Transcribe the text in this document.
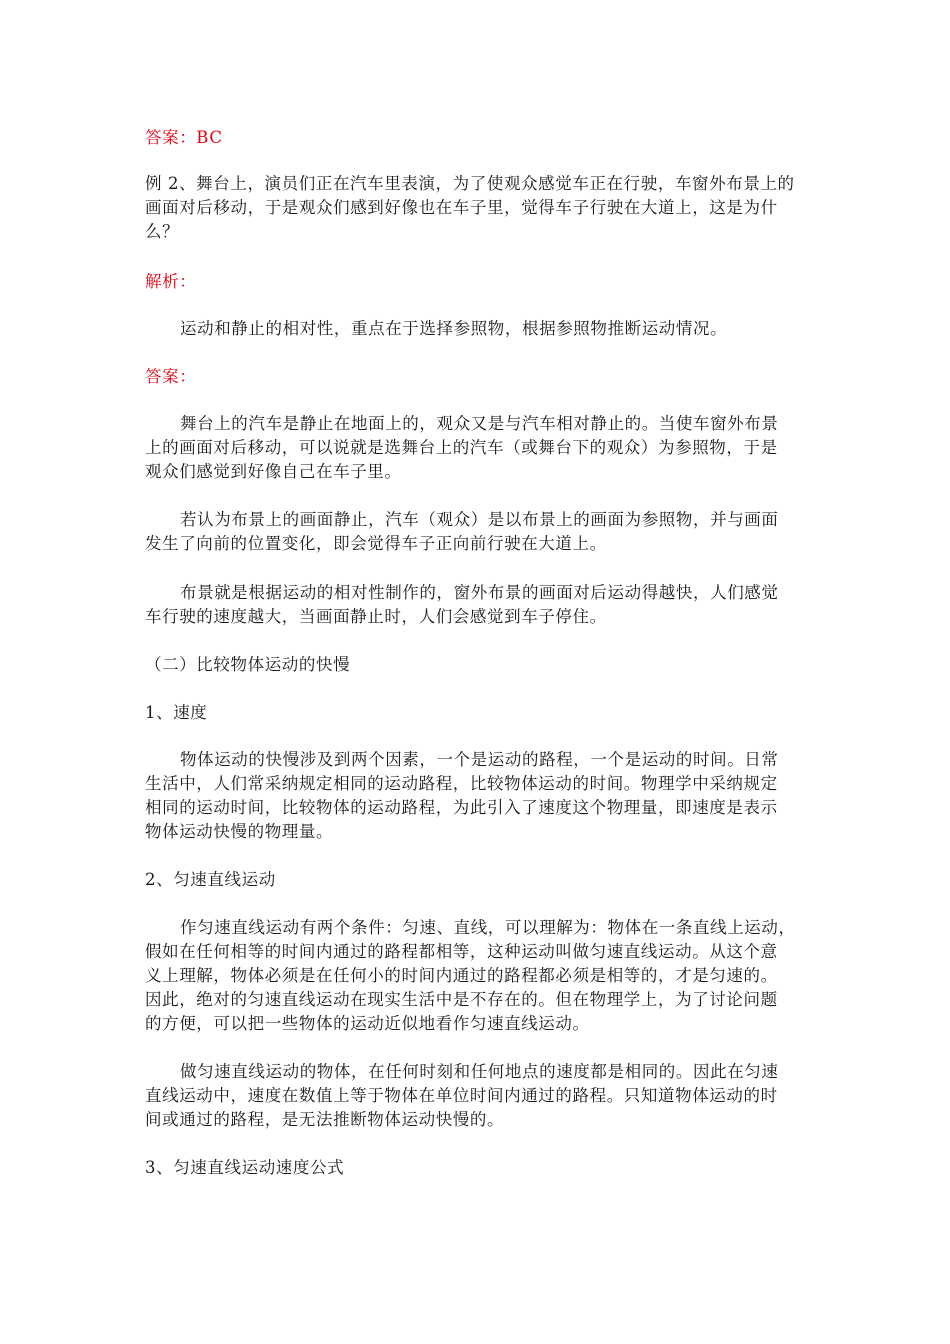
答案：BC
例 2、舞台上，演员们正在汽车里表演，为了使观众感觉车正在行驶，车窗外布景上的
画面对后移动，于是观众们感到好像也在车子里，觉得车子行驶在大道上，这是为什
么？
解析：
运动和静止的相对性，重点在于选择参照物，根据参照物推断运动情况。
答案：
舞台上的汽车是静止在地面上的，观众又是与汽车相对静止的。当使车窗外布景
上的画面对后移动，可以说就是选舞台上的汽车（或舞台下的观众）为参照物，于是
观众们感觉到好像自己在车子里。
若认为布景上的画面静止，汽车（观众）是以布景上的画面为参照物，并与画面
发生了向前的位置变化，即会觉得车子正向前行驶在大道上。
布景就是根据运动的相对性制作的，窗外布景的画面对后运动得越快，人们感觉
车行驶的速度越大，当画面静止时，人们会感觉到车子停住。
（二）比较物体运动的快慢
1、速度
物体运动的快慢涉及到两个因素，一个是运动的路程，一个是运动的时间。日常
生活中，人们常采纳规定相同的运动路程，比较物体运动的时间。物理学中采纳规定
相同的运动时间，比较物体的运动路程，为此引入了速度这个物理量，即速度是表示
物体运动快慢的物理量。
2、匀速直线运动
作匀速直线运动有两个条件：匀速、直线，可以理解为：物体在一条直线上运动，
假如在任何相等的时间内通过的路程都相等，这种运动叫做匀速直线运动。从这个意
义上理解，物体必须是在任何小的时间内通过的路程都必须是相等的，才是匀速的。
因此，绝对的匀速直线运动在现实生活中是不存在的。但在物理学上，为了讨论问题
的方便，可以把一些物体的运动近似地看作匀速直线运动。
做匀速直线运动的物体，在任何时刻和任何地点的速度都是相同的。因此在匀速
直线运动中，速度在数值上等于物体在单位时间内通过的路程。只知道物体运动的时
间或通过的路程，是无法推断物体运动快慢的。
3、匀速直线运动速度公式
